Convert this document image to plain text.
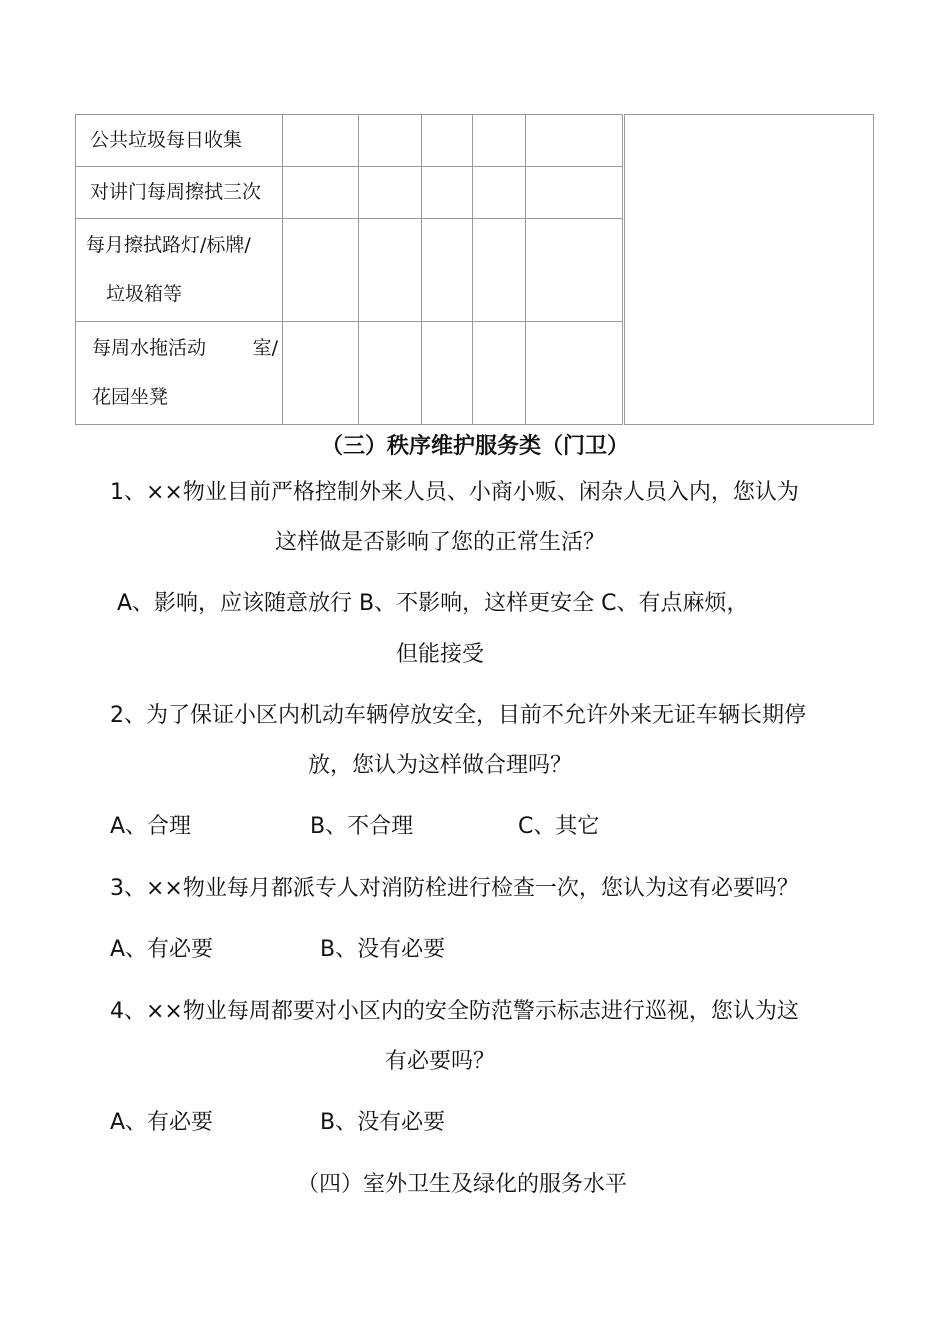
公共垃圾每日收集						

对讲门每周擦拭三次						

每月擦拭路灯/标牌/
垃圾箱等						

每周水拖活动 室/
花园坐凳						

（三）秩序维护服务类（门卫）
1、××物业目前严格控制外来人员、小商小贩、闲杂人员入内，您认为
这样做是否影响了您的正常生活？
A、影响，应该随意放行 B、不影响，这样更安全 C、有点麻烦，
但能接受
2、为了保证小区内机动车辆停放安全，目前不允许外来无证车辆长期停
放，您认为这样做合理吗？
A、合理	B、不合理	C、其它
3、××物业每月都派专人对消防栓进行检查一次，您认为这有必要吗？
A、有必要	B、没有必要
4、××物业每周都要对小区内的安全防范警示标志进行巡视，您认为这
有必要吗？
A、有必要	B、没有必要
（四）室外卫生及绿化的服务水平
